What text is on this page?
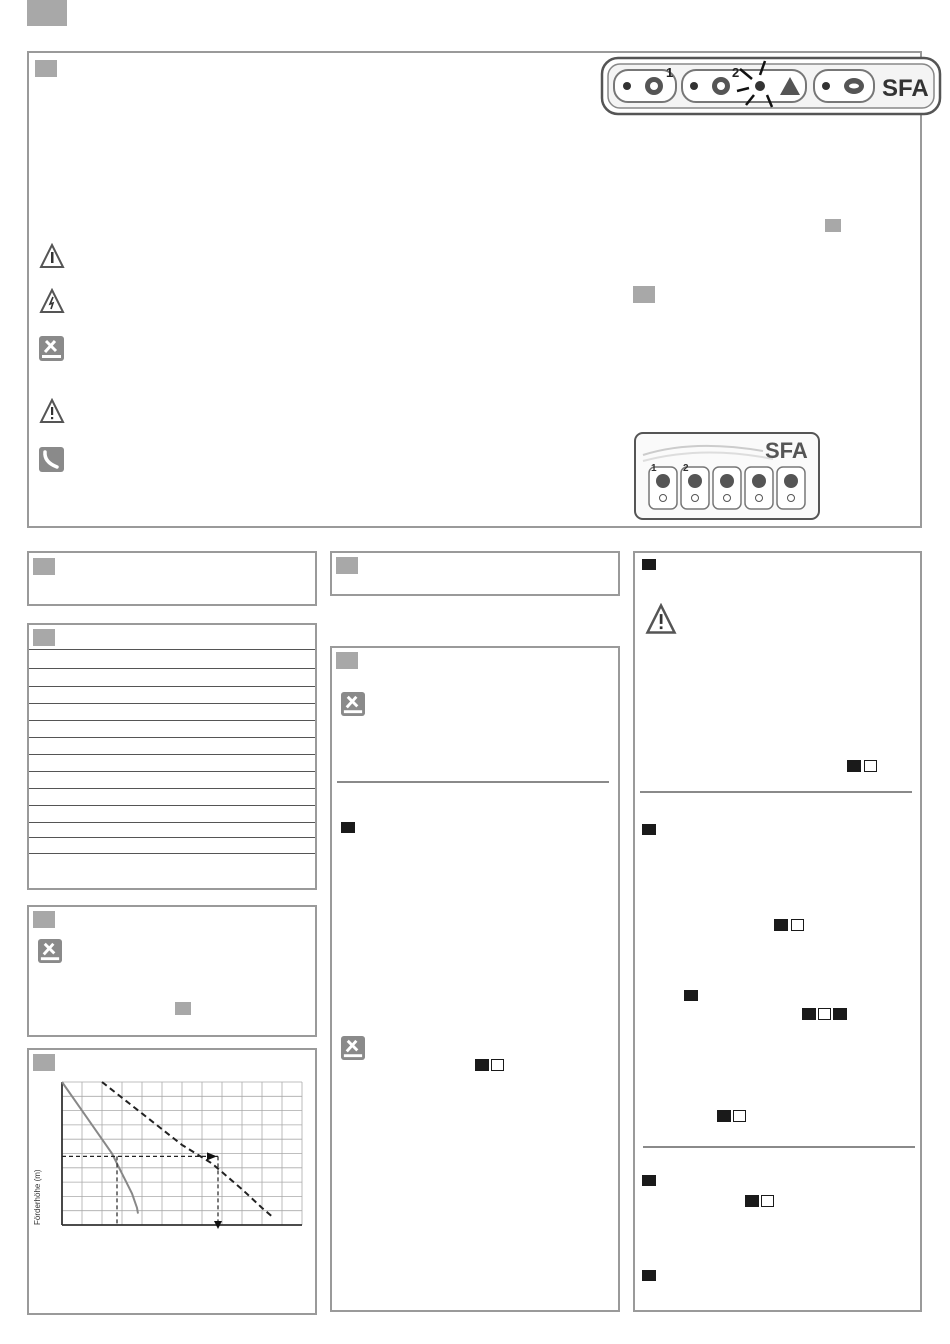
1	2
SFA
SFA
1	2
Förderhöhe (m)
